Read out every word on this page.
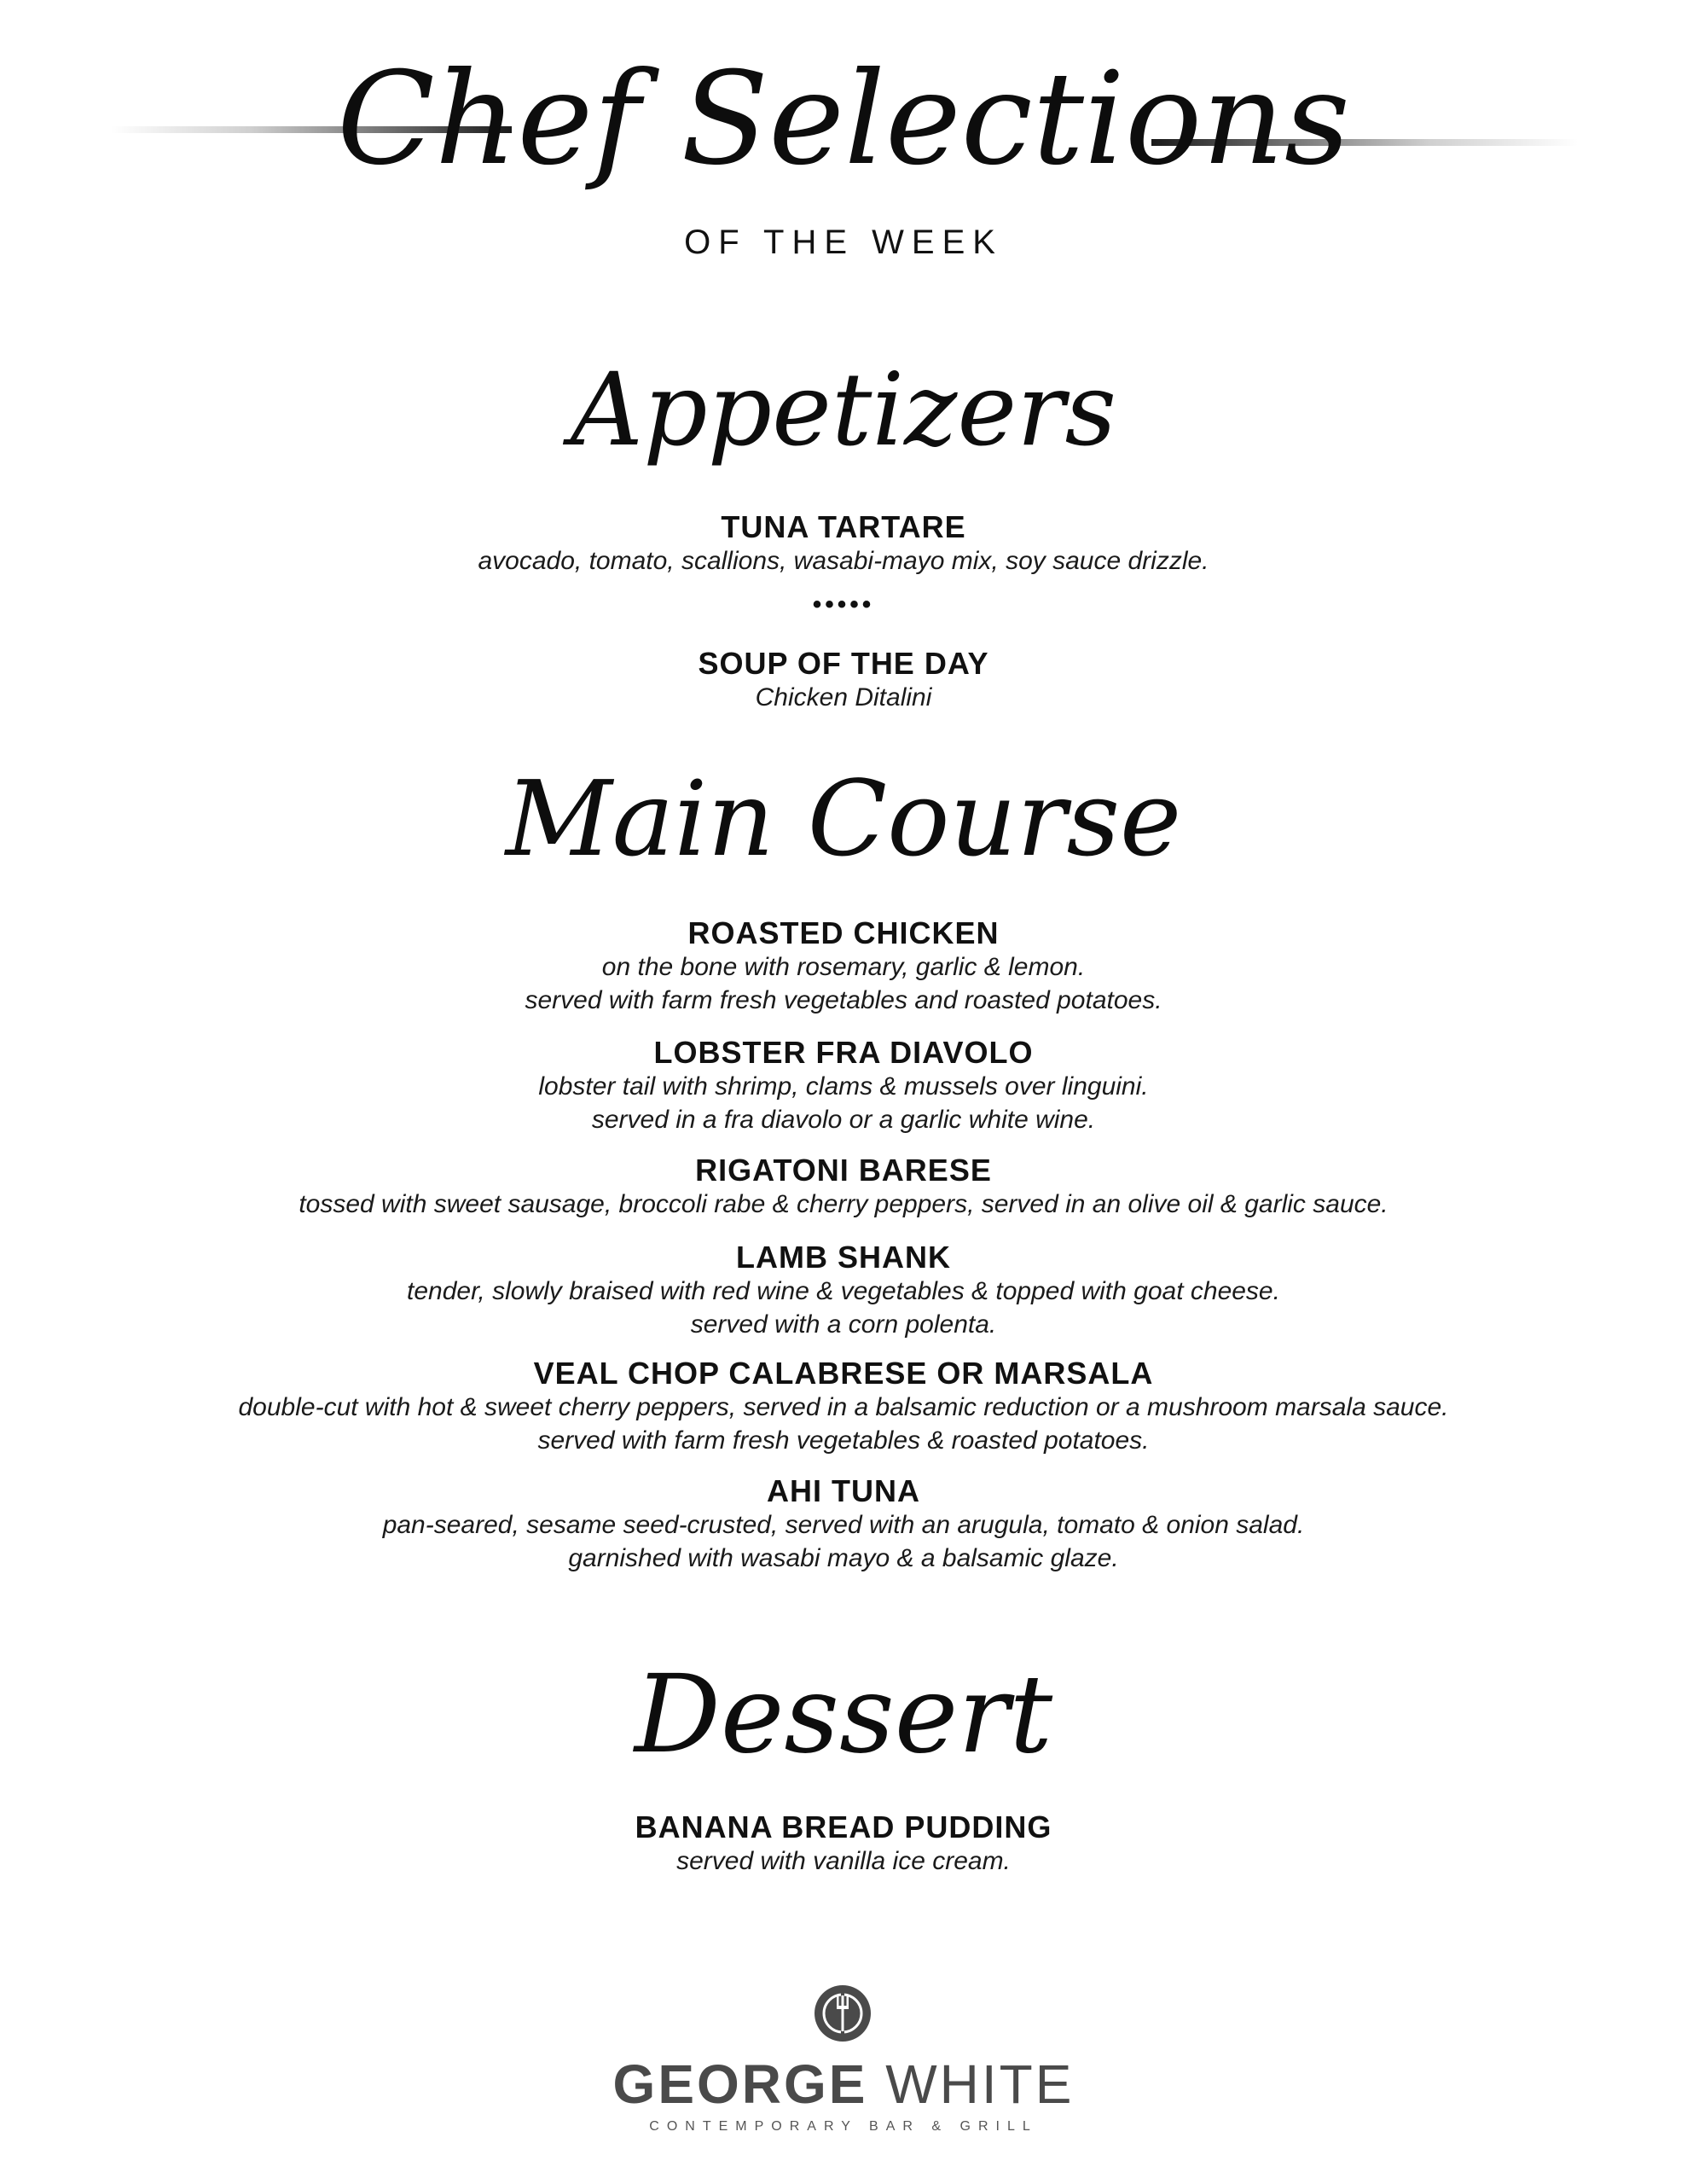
Chef Selections
OF THE WEEK
Appetizers
TUNA TARTARE
avocado, tomato, scallions, wasabi-mayo mix, soy sauce drizzle.
•••••
SOUP OF THE DAY
Chicken Ditalini
Main Course
ROASTED CHICKEN
on the bone with rosemary, garlic & lemon.
served with farm fresh vegetables and roasted potatoes.
LOBSTER FRA DIAVOLO
lobster tail with shrimp, clams & mussels over linguini.
served in a fra diavolo or a garlic white wine.
RIGATONI BARESE
tossed with sweet sausage, broccoli rabe & cherry peppers, served in an olive oil & garlic sauce.
LAMB SHANK
tender, slowly braised with red wine & vegetables & topped with goat cheese.
served with a corn polenta.
VEAL CHOP CALABRESE OR MARSALA
double-cut with hot & sweet cherry peppers, served in a balsamic reduction or a mushroom marsala sauce.
served with farm fresh vegetables & roasted potatoes.
AHI TUNA
pan-seared, sesame seed-crusted, served with an arugula, tomato & onion salad.
garnished with wasabi mayo & a balsamic glaze.
Dessert
BANANA BREAD PUDDING
served with vanilla ice cream.
GEORGE WHITE
CONTEMPORARY BAR & GRILL
